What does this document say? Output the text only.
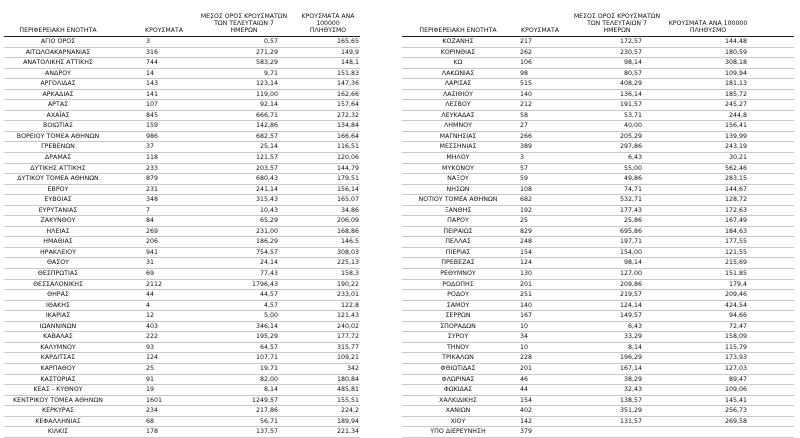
ΠΕΡΙΦΕΡΕΙΑΚΗ ΕΝΟΤΗΤΑ	ΚΡΟΥΣΜΑΤΑ
ΜΕΣΟΣ ΟΡΟΣ ΚΡΟΥΣΜΑΤΩΝ
ΤΩΝ ΤΕΛΕΥΤΑΙΩΝ 7
ΗΜΕΡΩΝ
ΚΡΟΥΣΜΑΤΑ ΑΝΑ 100000
ΠΛΗΘΥΣΜΟ
ΑΓΙΟ ΟΡΟΣ	3	0,57	165,65
ΑΙΤΩΛΟΑΚΑΡΝΑΝΙΑΣ	316	271,29	149,9
ΑΝΑΤΟΛΙΚΗΣ ΑΤΤΙΚΗΣ	744	583,29	148,1
ΑΝΔΡΟΥ	14	9,71	151,83
ΑΡΓΟΛΙΔΑΣ	143	123,14	147,36
ΑΡΚΑΔΙΑΣ	141	119,00	162,66
ΑΡΤΑΣ	107	92,14	157,64
ΑΧΑΪΑΣ	845	666,71	272,32
ΒΟΙΩΤΙΑΣ	159	142,86	134,84
ΒΟΡΕΙΟΥ ΤΟΜΕΑ ΑΘΗΝΩΝ	986	682,57	166,64
ΓΡΕΒΕΝΩΝ	37	25,14	116,51
ΔΡΑΜΑΣ	118	121,57	120,06
ΔΥΤΙΚΗΣ ΑΤΤΙΚΗΣ	233	203,57	144,79
ΔΥΤΙΚΟΥ ΤΟΜΕΑ ΑΘΗΝΩΝ	879	680,43	179,51
ΕΒΡΟΥ	231	241,14	156,14
ΕΥΒΟΙΑΣ	348	315,43	165,07
ΕΥΡΥΤΑΝΙΑΣ	7	10,43	34,86
ΖΑΚΥΝΘΟΥ	84	65,29	206,09
ΗΛΕΙΑΣ	269	231,00	168,86
ΗΜΑΘΙΑΣ	206	186,29	146,5
ΗΡΑΚΛΕΙΟΥ	941	754,57	308,03
ΘΑΣΟΥ	31	24,14	225,13
ΘΕΣΠΡΩΤΙΑΣ	69	77,43	158,3
ΘΕΣΣΑΛΟΝΙΚΗΣ	2112	1796,43	190,22
ΘΗΡΑΣ	44	44,57	233,01
ΙΘΑΚΗΣ	4	4,57	122,8
ΙΚΑΡΙΑΣ	12	5,00	121,43
ΙΩΑΝΝΙΝΩΝ	403	346,14	240,02
ΚΑΒΑΛΑΣ	222	195,29	177,72
ΚΑΛΥΜΝΟΥ	93	64,57	315,77
ΚΑΡΔΙΤΣΑΣ	124	107,71	109,21
ΚΑΡΠΑΘΟΥ	25	19,71	342
ΚΑΣΤΟΡΙΑΣ	91	82,00	180,84
ΚΕΑΣ - ΚΥΘΝΟΥ	19	8,14	485,81
ΚΕΝΤΡΙΚΟΥ ΤΟΜΕΑ ΑΘΗΝΩΝ	1601	1249,57	155,51
ΚΕΡΚΥΡΑΣ	234	217,86	224,2
ΚΕΦΑΛΛΗΝΙΑΣ	68	56,71	189,94
ΚΙΛΚΙΣ	178	137,57	221,34
ΠΕΡΙΦΕΡΕΙΑΚΗ ΕΝΟΤΗΤΑ	ΚΡΟΥΣΜΑΤΑ
ΜΕΣΟΣ ΟΡΟΣ ΚΡΟΥΣΜΑΤΩΝ
ΤΩΝ ΤΕΛΕΥΤΑΙΩΝ 7
ΗΜΕΡΩΝ
ΚΡΟΥΣΜΑΤΑ ΑΝΑ 100000
ΠΛΗΘΥΣΜΟ
ΚΟΖΑΝΗΣ	217	172,57	144,48
ΚΟΡΙΝΘΙΑΣ	262	230,57	180,59
ΚΩ	106	98,14	308,18
ΛΑΚΩΝΙΑΣ	98	80,57	109,94
ΛΑΡΙΣΑΣ	515	408,29	181,13
ΛΑΣΙΘΙΟΥ	140	136,14	185,72
ΛΕΣΒΟΥ	212	191,57	245,27
ΛΕΥΚΑΔΑΣ	58	53,71	244,8
ΛΗΜΝΟΥ	27	40,00	156,41
ΜΑΓΝΗΣΙΑΣ	266	205,29	139,99
ΜΕΣΣΗΝΙΑΣ	389	297,86	243,19
ΜΗΛΟΥ	3	6,43	30,21
ΜΥΚΟΝΟΥ	57	55,00	562,46
ΝΑΞΟΥ	59	49,86	283,15
ΝΗΣΩΝ	108	74,71	144,67
ΝΟΤΙΟΥ ΤΟΜΕΑ ΑΘΗΝΩΝ	682	532,71	128,72
ΞΑΝΘΗΣ	192	177,43	172,63
ΠΑΡΟΥ	25	25,86	167,49
ΠΕΙΡΑΙΩΣ	829	695,86	184,63
ΠΕΛΛΑΣ	248	197,71	177,55
ΠΙΕΡΙΑΣ	154	154,00	121,55
ΠΡΕΒΕΖΑΣ	124	98,14	215,69
ΡΕΘΥΜΝΟΥ	130	127,00	151,85
ΡΟΔΟΠΗΣ	201	209,86	179,4
ΡΟΔΟΥ	251	219,57	209,46
ΣΑΜΟΥ	140	124,14	424,54
ΣΕΡΡΩΝ	167	149,57	94,66
ΣΠΟΡΑΔΩΝ	10	6,43	72,47
ΣΥΡΟΥ	34	33,29	158,09
ΤΗΝΟΥ	10	8,14	115,79
ΤΡΙΚΑΛΩΝ	228	196,29	173,93
ΦΘΙΩΤΙΔΑΣ	201	167,14	127,03
ΦΛΩΡΙΝΑΣ	46	38,29	89,47
ΦΩΚΙΔΑΣ	44	32,43	109,06
ΧΑΛΚΙΔΙΚΗΣ	154	138,57	145,41
ΧΑΝΙΩΝ	402	351,29	256,73
ΧΙΟΥ	142	131,57	269,58
ΥΠΟ ΔΙΕΡΕΥΝΗΣΗ	379
